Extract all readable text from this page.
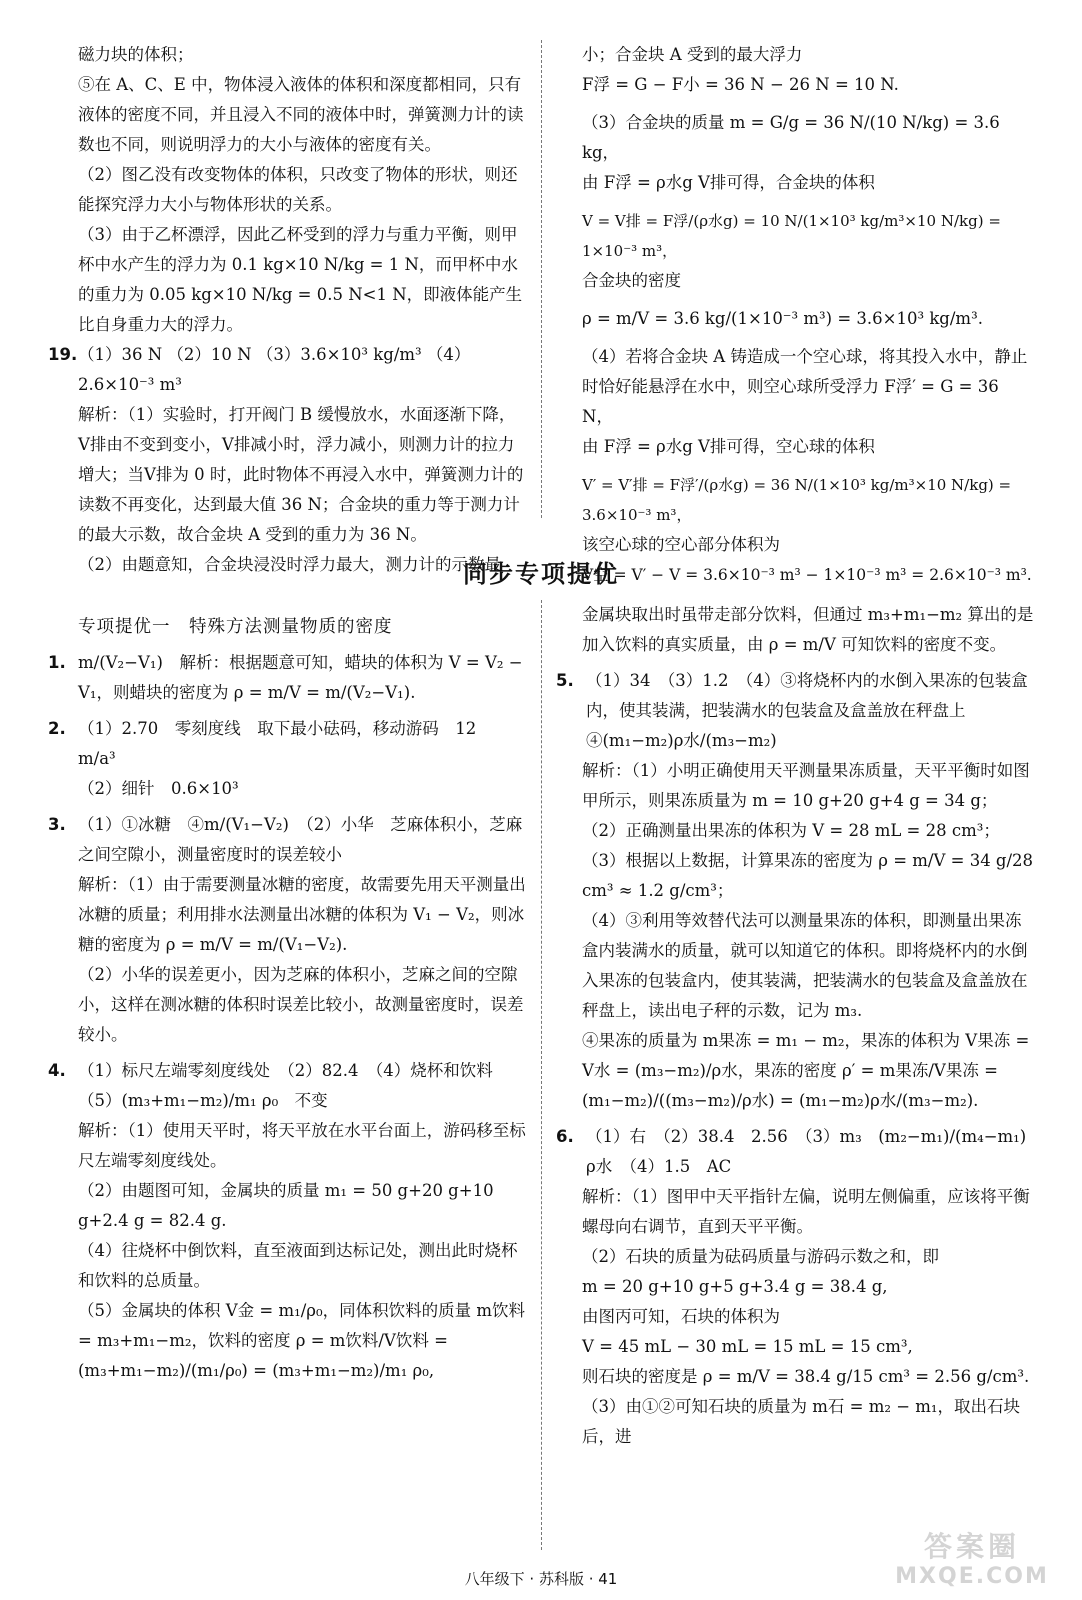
磁力块的体积；

⑤在 A、C、E 中，物体浸入液体的体积和深度都相同，只有液体的密度不同，并且浸入不同的液体中时，弹簧测力计的读数也不同，则说明浮力的大小与液体的密度有关。

（2）图乙没有改变物体的体积，只改变了物体的形状，则还能探究浮力大小与物体形状的关系。

（3）由于乙杯漂浮，因此乙杯受到的浮力与重力平衡，则甲杯中水产生的浮力为 0.1 kg×10 N/kg = 1 N，而甲杯中水的重力为 0.05 kg×10 N/kg = 0.5 N<1 N，即液体能产生比自身重力大的浮力。

19.（1）36 N （2）10 N （3）3.6×10³ kg/m³ （4）2.6×10⁻³ m³

解析：（1）实验时，打开阀门 B 缓慢放水，水面逐渐下降，V排由不变到变小，V排减小时，浮力减小，则测力计的拉力增大；当V排为 0 时，此时物体不再浸入水中，弹簧测力计的读数不再变化，达到最大值 36 N；合金块的重力等于测力计的最大示数，故合金块 A 受到的重力为 36 N。

（2）由题意知，合金块浸没时浮力最大，测力计的示数最

小；合金块 A 受到的最大浮力

F浮 = G − F小 = 36 N − 26 N = 10 N.

（3）合金块的质量 m = G/g = 36 N/(10 N/kg) = 3.6 kg，

由 F浮 = ρ水g V排可得，合金块的体积

V = V排 = F浮/(ρ水g) = 10 N/(1×10³ kg/m³×10 N/kg) = 1×10⁻³ m³，

合金块的密度

ρ = m/V = 3.6 kg/(1×10⁻³ m³) = 3.6×10³ kg/m³.

（4）若将合金块 A 铸造成一个空心球，将其投入水中，静止时恰好能悬浮在水中，则空心球所受浮力 F浮′ = G = 36 N，

由 F浮 = ρ水g V排可得，空心球的体积

V′ = V′排 = F浮′/(ρ水g) = 36 N/(1×10³ kg/m³×10 N/kg) = 3.6×10⁻³ m³，

该空心球的空心部分体积为

V空 = V′ − V = 3.6×10⁻³ m³ − 1×10⁻³ m³ = 2.6×10⁻³ m³.

同步专项提优

专项提优一　特殊方法测量物质的密度

1. m/(V₂−V₁)　解析：根据题意可知，蜡块的体积为 V = V₂ − V₁，则蜡块的密度为 ρ = m/V = m/(V₂−V₁).

2. （1）2.70　零刻度线　取下最小砝码，移动游码　12　m/a³

（2）细针　0.6×10³

3. （1）①冰糖　④m/(V₁−V₂)　（2）小华　芝麻体积小，芝麻之间空隙小，测量密度时的误差较小

解析：（1）由于需要测量冰糖的密度，故需要先用天平测量出冰糖的质量；利用排水法测量出冰糖的体积为 V₁ − V₂，则冰糖的密度为 ρ = m/V = m/(V₁−V₂).

（2）小华的误差更小，因为芝麻的体积小，芝麻之间的空隙小，这样在测冰糖的体积时误差比较小，故测量密度时，误差较小。

4. （1）标尺左端零刻度线处　（2）82.4　（4）烧杯和饮料

（5）(m₃+m₁−m₂)/m₁ ρ₀　不变

解析：（1）使用天平时，将天平放在水平台面上，游码移至标尺左端零刻度线处。

（2）由题图可知，金属块的质量 m₁ = 50 g+20 g+10 g+2.4 g = 82.4 g.

（4）往烧杯中倒饮料，直至液面到达标记处，测出此时烧杯和饮料的总质量。

（5）金属块的体积 V金 = m₁/ρ₀，同体积饮料的质量 m饮料 = m₃+m₁−m₂，饮料的密度 ρ = m饮料/V饮料 = (m₃+m₁−m₂)/(m₁/ρ₀) = (m₃+m₁−m₂)/m₁ ρ₀,

金属块取出时虽带走部分饮料，但通过 m₃+m₁−m₂ 算出的是加入饮料的真实质量，由 ρ = m/V 可知饮料的密度不变。

5. （1）34　（3）1.2　（4）③将烧杯内的水倒入果冻的包装盒内，使其装满，把装满水的包装盒及盒盖放在秤盘上　④(m₁−m₂)ρ水/(m₃−m₂)

解析：（1）小明正确使用天平测量果冻质量，天平平衡时如图甲所示，则果冻质量为 m = 10 g+20 g+4 g = 34 g；

（2）正确测量出果冻的体积为 V = 28 mL = 28 cm³；

（3）根据以上数据，计算果冻的密度为 ρ = m/V = 34 g/28 cm³ ≈ 1.2 g/cm³；

（4）③利用等效替代法可以测量果冻的体积，即测量出果冻盒内装满水的质量，就可以知道它的体积。即将烧杯内的水倒入果冻的包装盒内，使其装满，把装满水的包装盒及盒盖放在秤盘上，读出电子秤的示数，记为 m₃.

④果冻的质量为 m果冻 = m₁ − m₂，果冻的体积为 V果冻 = V水 = (m₃−m₂)/ρ水，果冻的密度 ρ′ = m果冻/V果冻 = (m₁−m₂)/((m₃−m₂)/ρ水) = (m₁−m₂)ρ水/(m₃−m₂).

6. （1）右　（2）38.4　2.56　（3）m₃　(m₂−m₁)/(m₄−m₁) ρ水　（4）1.5　AC

解析：（1）图甲中天平指针左偏，说明左侧偏重，应该将平衡螺母向右调节，直到天平平衡。

（2）石块的质量为砝码质量与游码示数之和，即

m = 20 g+10 g+5 g+3.4 g = 38.4 g,

由图丙可知，石块的体积为

V = 45 mL − 30 mL = 15 mL = 15 cm³,

则石块的密度是 ρ = m/V = 38.4 g/15 cm³ = 2.56 g/cm³.

（3）由①②可知石块的质量为 m石 = m₂ − m₁，取出石块后，进

八年级下 · 苏科版 · 41
答案圈
MXQE.COM
